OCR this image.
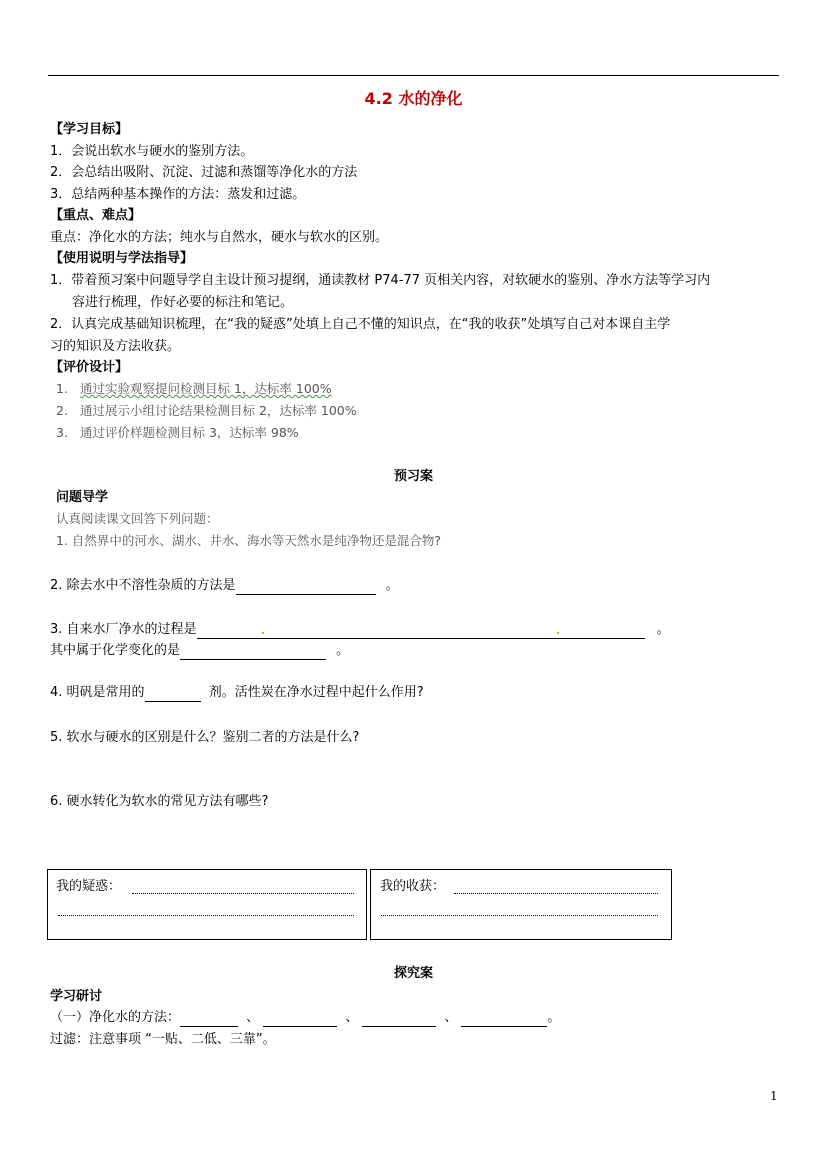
4.2 水的净化
【学习目标】
1．会说出软水与硬水的鉴别方法。
2．会总结出吸附、沉淀、过滤和蒸馏等净化水的方法
3．总结两种基本操作的方法：蒸发和过滤。
【重点、难点】
重点：净化水的方法；纯水与自然水，硬水与软水的区别。
【使用说明与学法指导】
1．带着预习案中问题导学自主设计预习提纲，通读教材 P74-77 页相关内容，对软硬水的鉴别、净水方法等学习内
容进行梳理，作好必要的标注和笔记。
2．认真完成基础知识梳理，在“我的疑惑”处填上自己不懂的知识点，在“我的收获”处填写自己对本课自主学
习的知识及方法收获。
【评价设计】
1. 通过实验观察提问检测目标 1，达标率 100%
2. 通过展示小组讨论结果检测目标 2，达标率 100%
3. 通过评价样题检测目标 3，达标率 98%
预习案
问题导学
认真阅读课文回答下列问题：
1. 自然界中的河水、湖水、井水、海水等天然水是纯净物还是混合物?
2. 除去水中不溶性杂质的方法是	。
3. 自来水厂净水的过程是	。
其中属于化学变化的是	。
4. 明矾是常用的	剂。活性炭在净水过程中起什么作用?
5. 软水与硬水的区别是什么？鉴别二者的方法是什么?
6. 硬水转化为软水的常见方法有哪些?
我的疑惑：	我的收获：
探究案
学习研讨
（一）净化水的方法：	、	、	、	。
过滤：注意事项 “一贴、二低、三靠”。
1
